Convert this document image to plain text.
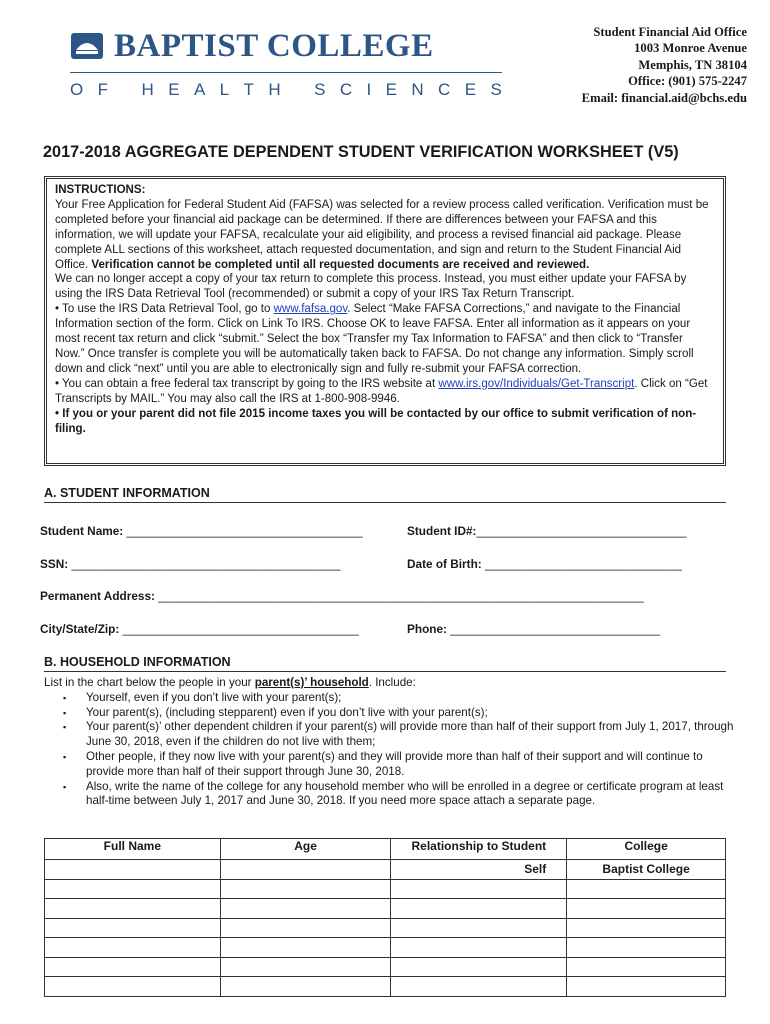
BAPTIST COLLEGE
O F
H E A L T H
S C I E N C E S
Student Financial Aid Office
1003 Monroe Avenue
Memphis, TN 38104
Office: (901) 575-2247
Email: financial.aid@bchs.edu
2017-2018 AGGREGATE DEPENDENT STUDENT VERIFICATION WORKSHEET (V5)

INSTRUCTIONS:

Your Free Application for Federal Student Aid (FAFSA) was selected for a review process called verification. Verification must be completed before your financial aid package can be determined. If there are differences between your FAFSA and this information, we will update your FAFSA, recalculate your aid eligibility, and process a revised financial aid package. Please complete ALL sections of this worksheet, attach requested documentation, and sign and return to the Student Financial Aid Office. Verification cannot be completed until all requested documents are received and reviewed.

We can no longer accept a copy of your tax return to complete this process. Instead, you must either update your FAFSA by using the IRS Data Retrieval Tool (recommended) or submit a copy of your IRS Tax Return Transcript.

• To use the IRS Data Retrieval Tool, go to www.fafsa.gov. Select “Make FAFSA Corrections,” and navigate to the Financial Information section of the form. Click on Link To IRS. Choose OK to leave FAFSA. Enter all information as it appears on your most recent tax return and click “submit.” Select the box “Transfer my Tax Information to FAFSA” and then click to “Transfer Now.” Once transfer is complete you will be automatically taken back to FAFSA. Do not change any information. Simply scroll down and click “next” until you are able to electronically sign and fully re-submit your FAFSA correction.

• You can obtain a free federal tax transcript by going to the IRS website at www.irs.gov/Individuals/Get-Transcript. Click on “Get Transcripts by MAIL.” You may also call the IRS at 1-800-908-9946.

• If you or your parent did not file 2015 income taxes you will be contacted by our office to submit verification of non-filing.

A. STUDENT INFORMATION
Student Name: ____________________________________	Student ID#:________________________________
SSN: _________________________________________	Date of Birth: ______________________________
Permanent Address: __________________________________________________________________________
City/State/Zip: ____________________________________	Phone: ________________________________
B. HOUSEHOLD INFORMATION
List in the chart below the people in your parent(s)’ household. Include:
▪ Yourself, even if you don’t live with your parent(s);
▪ Your parent(s), (including stepparent) even if you don’t live with your parent(s);
▪ Your parent(s)’ other dependent children if your parent(s) will provide more than half of their support from July 1, 2017, through June 30, 2018, even if the children do not live with them;
▪ Other people, if they now live with your parent(s) and they will provide more than half of their support and will continue to provide more than half of their support through June 30, 2018.
▪ Also, write the name of the college for any household member who will be enrolled in a degree or certificate program at least half-time between July 1, 2017 and June 30, 2018. If you need more space attach a separate page.
Full Name	Age	Relationship to Student	College
		Self	Baptist College
